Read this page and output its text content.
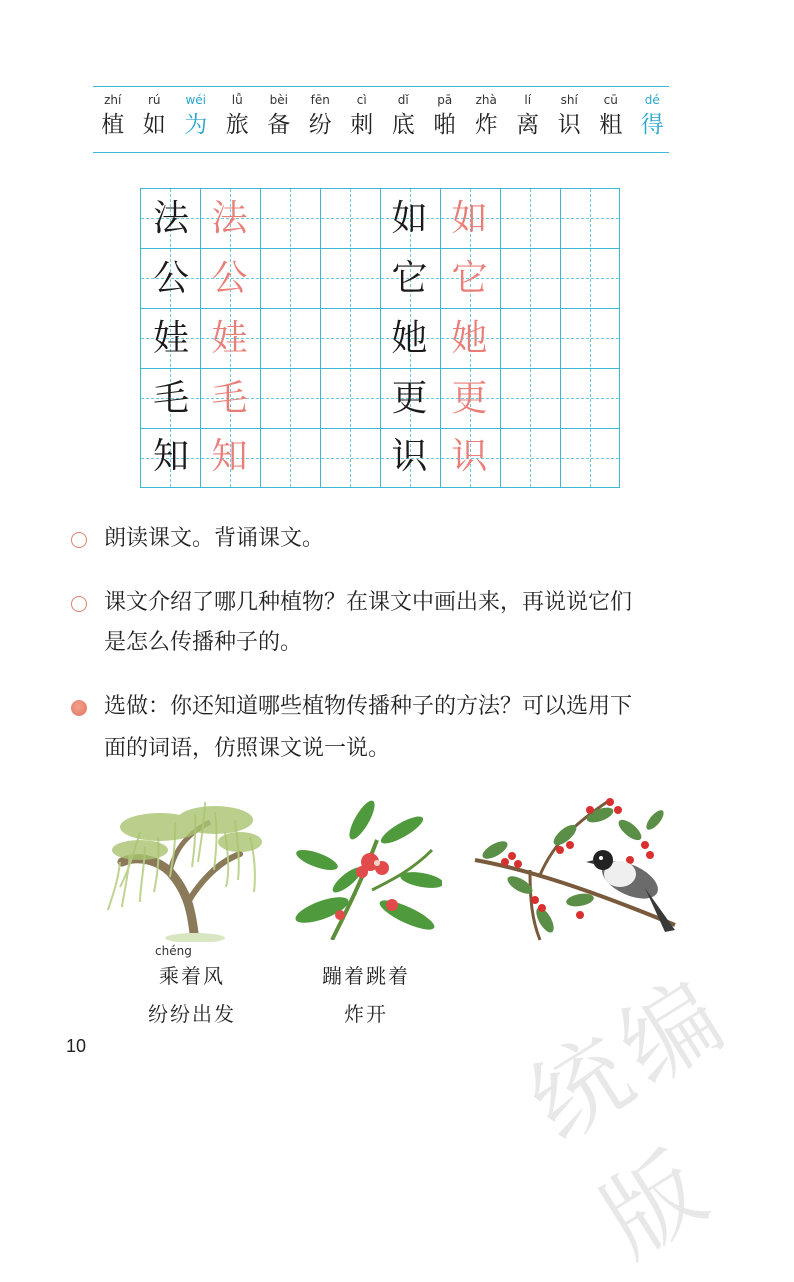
zhí
植
rú
如
wéi
为
lǚ
旅
bèi
备
fēn
纷
cì
刺
dǐ
底
pā
啪
zhà
炸
lí
离
shí
识
cū
粗
dé
得
法 法
公 公
娃 娃
毛 毛
知 知
如 如
它 它
她 她
更 更
识 识
朗读课文。背诵课文。
课文介绍了哪几种植物？在课文中画出来，再说说它们
是怎么传播种子的。
选做：你还知道哪些植物传播种子的方法？可以选用下
面的词语，仿照课文说一说。
chéng
乘着风
纷纷出发
蹦着跳着
炸开
10	统编版
